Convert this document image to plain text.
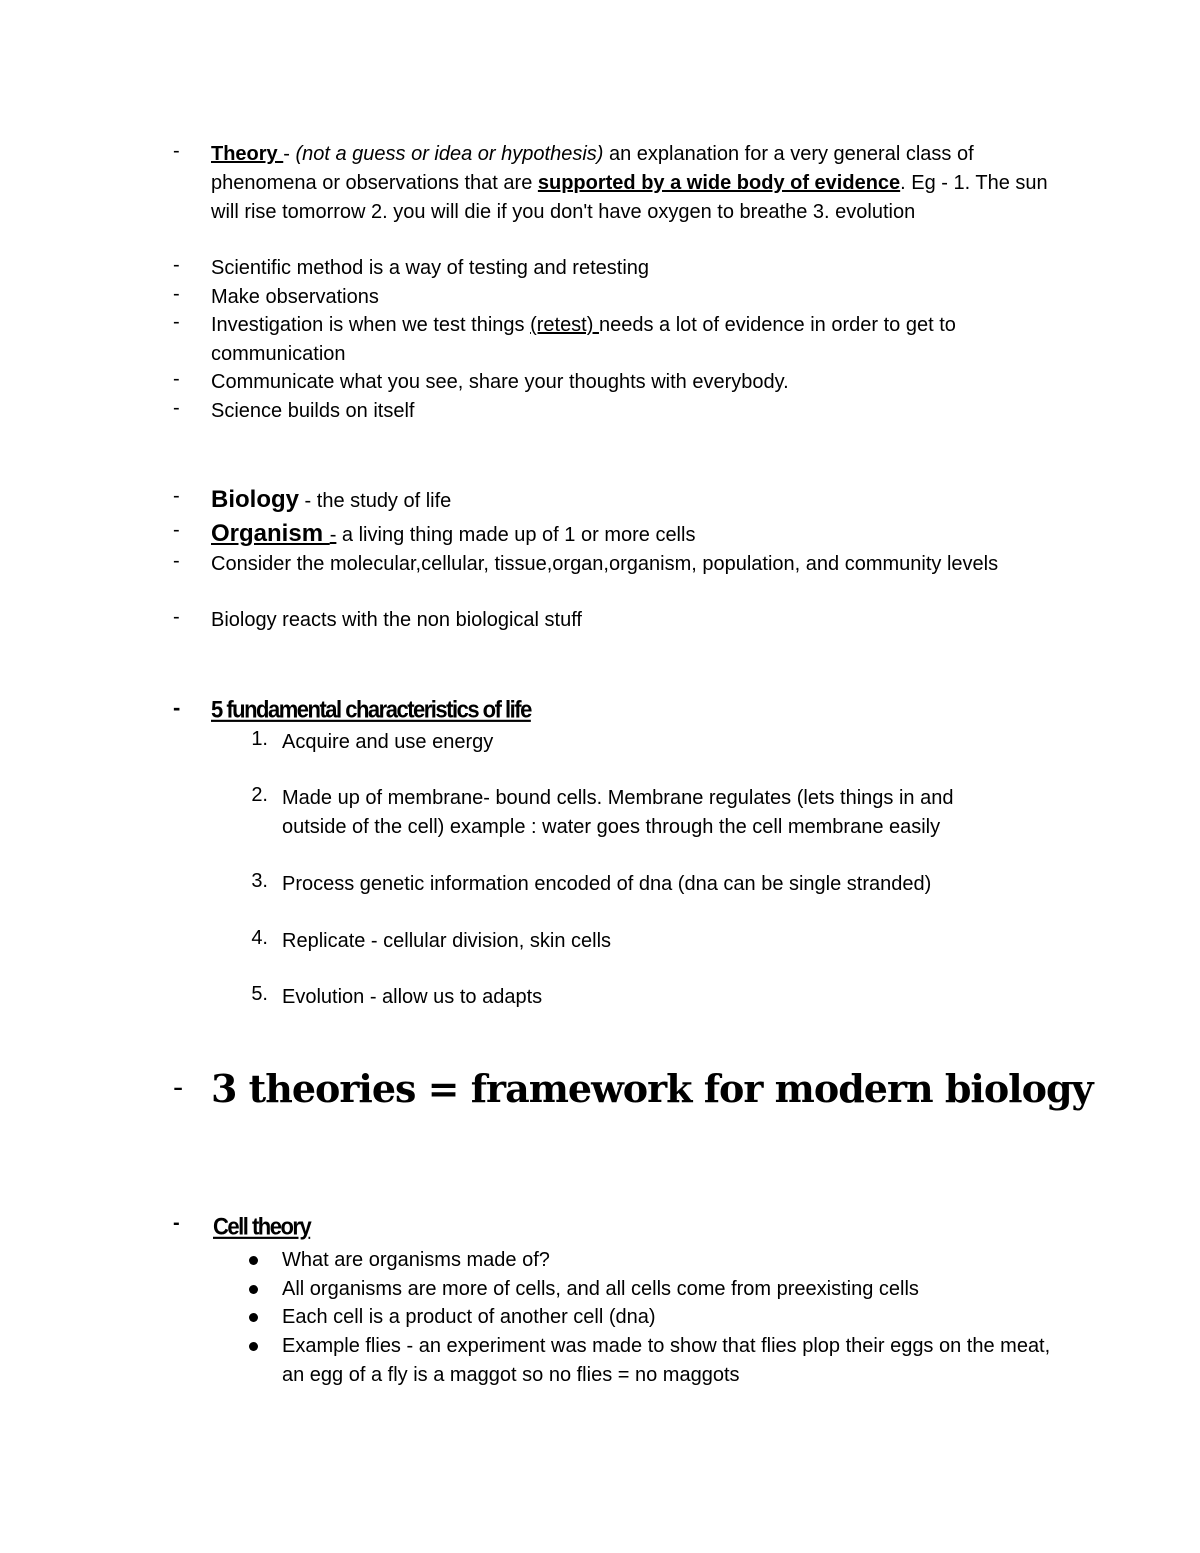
- Theory - (not a guess or idea or hypothesis) an explanation for a very general class of phenomena or observations that are supported by a wide body of evidence. Eg - 1. The sun will rise tomorrow 2. you will die if you don't have oxygen to breathe 3. evolution
- Scientific method is a way of testing and retesting
- Make observations
- Investigation is when we test things (retest) needs a lot of evidence in order to get to communication
- Communicate what you see, share your thoughts with everybody.
- Science builds on itself
- Biology - the study of life
- Organism - a living thing made up of 1 or more cells
- Consider the molecular,cellular, tissue,organ,organism, population, and community levels
- Biology reacts with the non biological stuff
- 5 fundamental characteristics of life
1. Acquire and use energy
2. Made up of membrane- bound cells. Membrane regulates (lets things in and outside of the cell) example : water goes through the cell membrane easily
3. Process genetic information encoded of dna (dna can be single stranded)
4. Replicate - cellular division, skin cells
5. Evolution - allow us to adapts
- 3 theories = framework for modern biology
- Cell theory
What are organisms made of?
All organisms are more of cells, and all cells come from preexisting cells
Each cell is a product of another cell (dna)
Example flies - an experiment was made to show that flies plop their eggs on the meat, an egg of a fly is a maggot so no flies = no maggots
